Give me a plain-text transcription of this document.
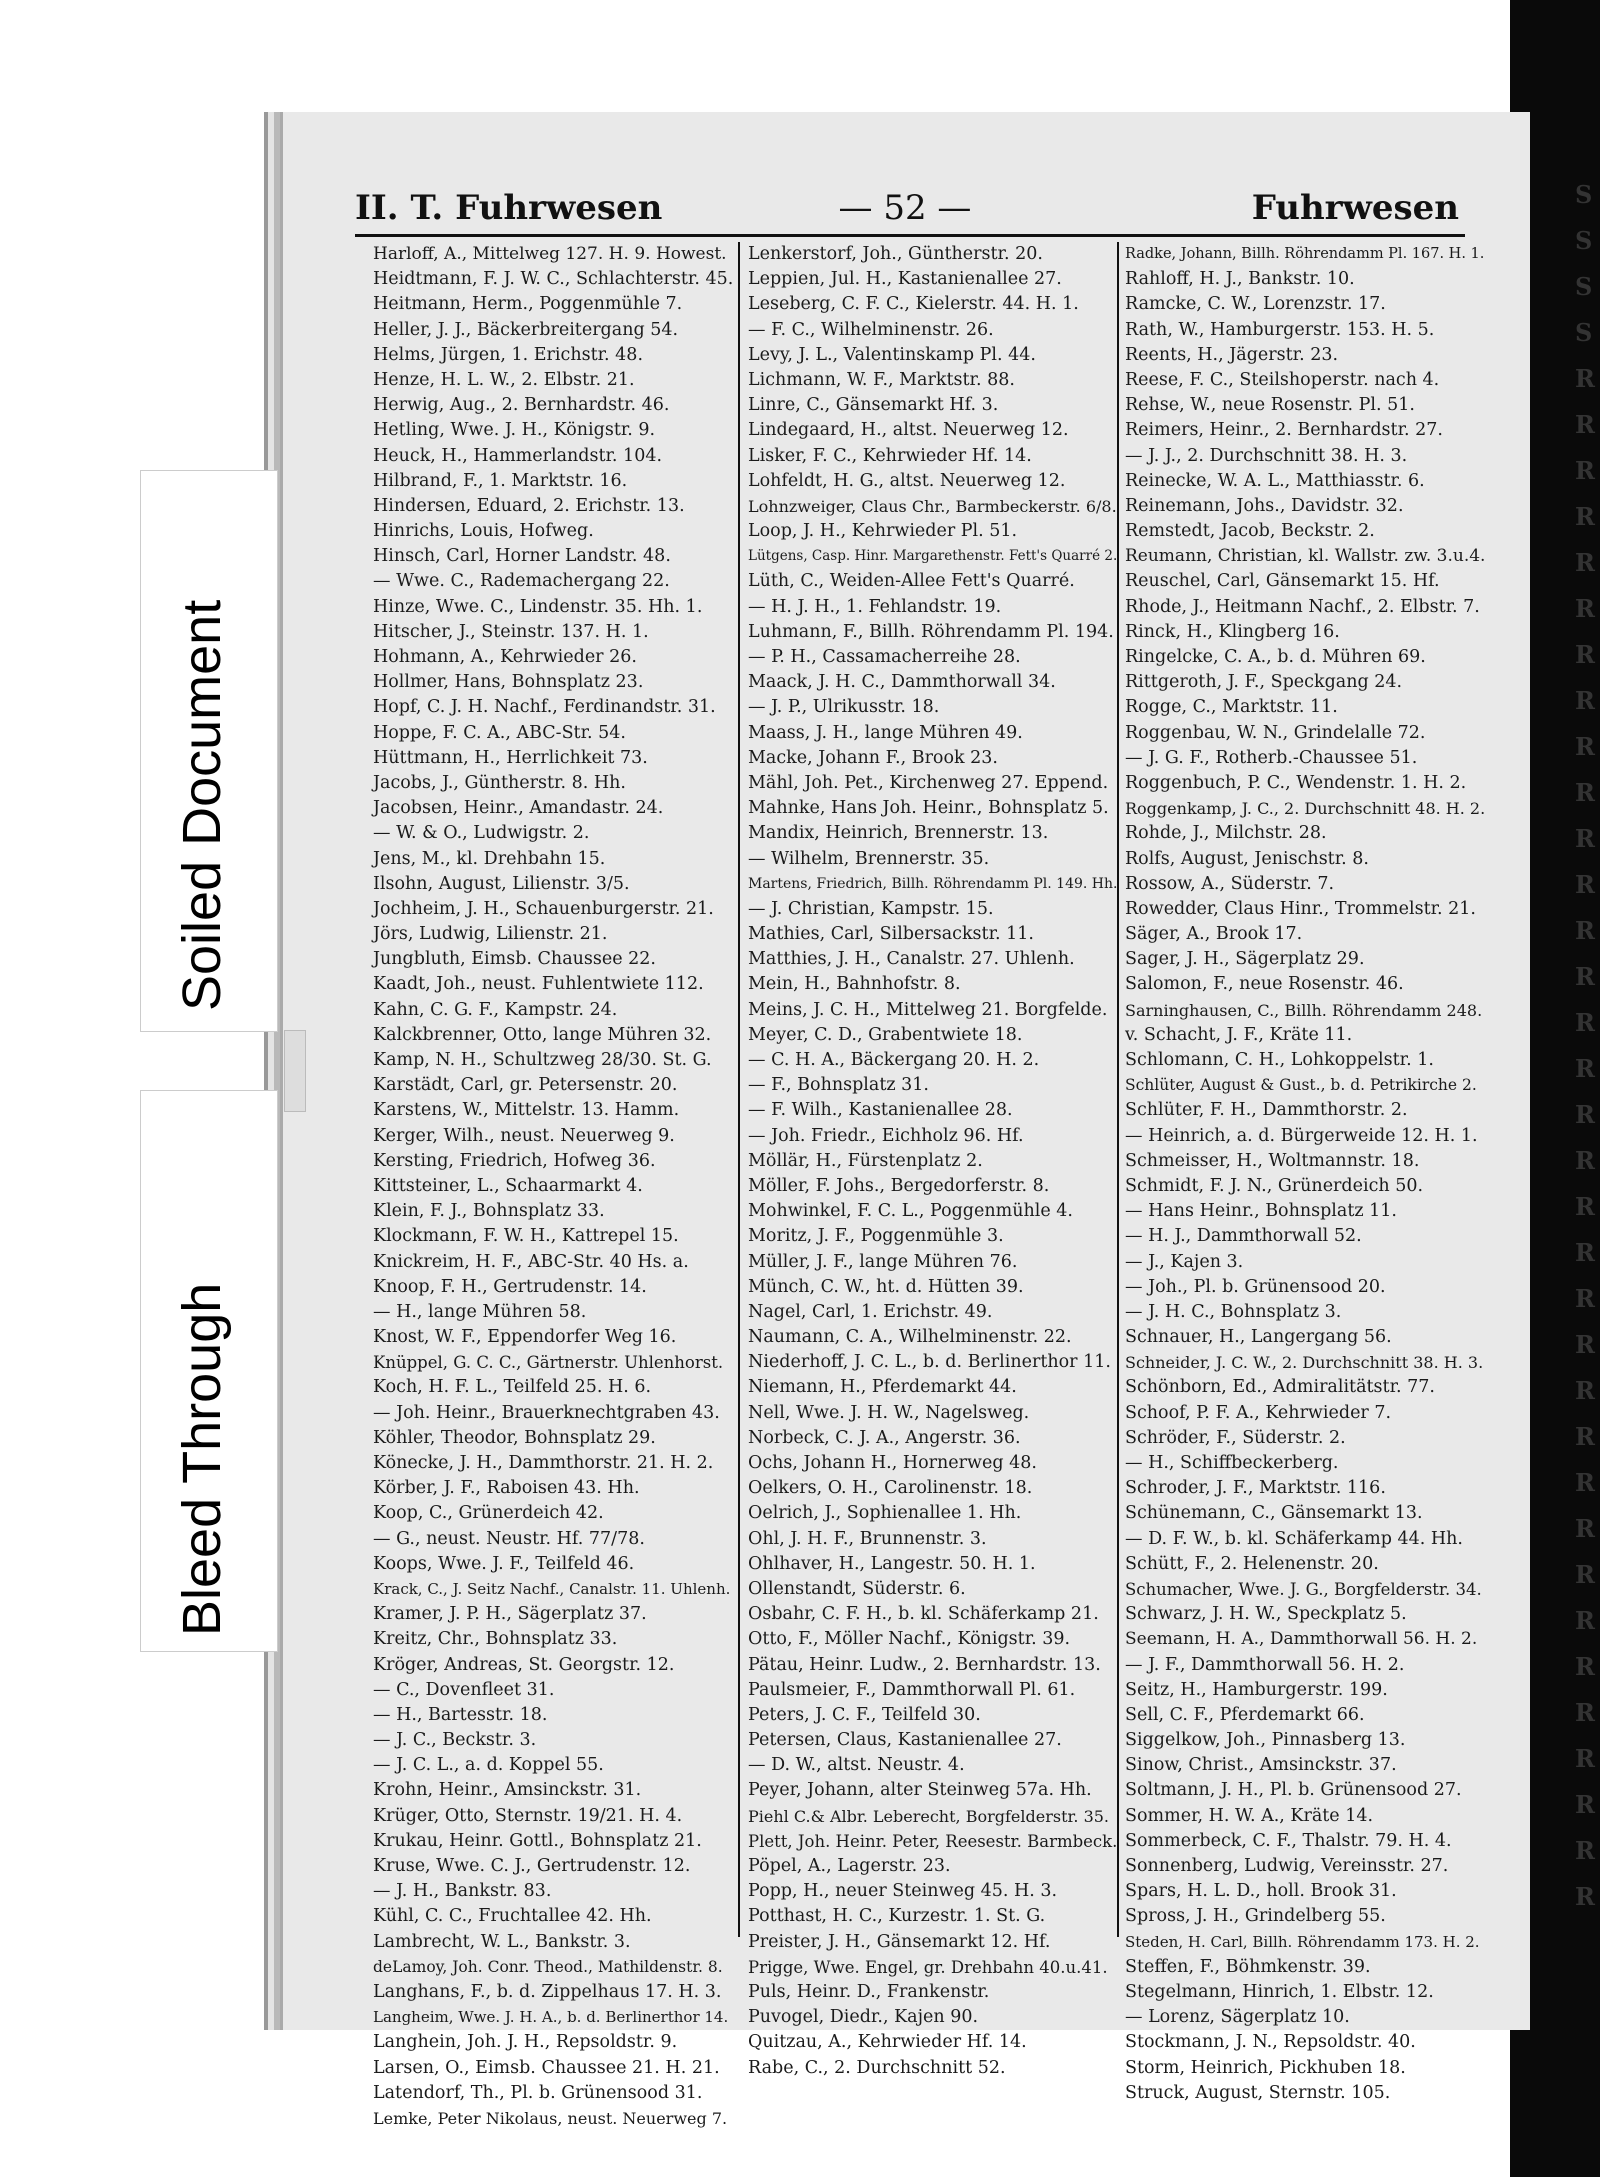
S
S
S
S
R
R
R
R
R
R
R
R
R
R
R
R
R
R
R
R
R
R
R
R
R
R
R
R
R
R
R
R
R
R
R
R
R
R
II. T. Fuhrwesen	— 52 —	Fuhrwesen
Harloff, A., Mittelweg 127. H. 9. Howest.
Heidtmann, F. J. W. C., Schlachterstr. 45.
Heitmann, Herm., Poggenmühle 7.
Heller, J. J., Bäckerbreitergang 54.
Helms, Jürgen, 1. Erichstr. 48.
Henze, H. L. W., 2. Elbstr. 21.
Herwig, Aug., 2. Bernhardstr. 46.
Hetling, Wwe. J. H., Königstr. 9.
Heuck, H., Hammerlandstr. 104.
Hilbrand, F., 1. Marktstr. 16.
Hindersen, Eduard, 2. Erichstr. 13.
Hinrichs, Louis, Hofweg.
Hinsch, Carl, Horner Landstr. 48.
— Wwe. C., Rademachergang 22.
Hinze, Wwe. C., Lindenstr. 35. Hh. 1.
Hitscher, J., Steinstr. 137. H. 1.
Hohmann, A., Kehrwieder 26.
Hollmer, Hans, Bohnsplatz 23.
Hopf, C. J. H. Nachf., Ferdinandstr. 31.
Hoppe, F. C. A., ABC-Str. 54.
Hüttmann, H., Herrlichkeit 73.
Jacobs, J., Güntherstr. 8. Hh.
Jacobsen, Heinr., Amandastr. 24.
— W. & O., Ludwigstr. 2.
Jens, M., kl. Drehbahn 15.
Ilsohn, August, Lilienstr. 3/5.
Jochheim, J. H., Schauenburgerstr. 21.
Jörs, Ludwig, Lilienstr. 21.
Jungbluth, Eimsb. Chaussee 22.
Kaadt, Joh., neust. Fuhlentwiete 112.
Kahn, C. G. F., Kampstr. 24.
Kalckbrenner, Otto, lange Mühren 32.
Kamp, N. H., Schultzweg 28/30. St. G.
Karstädt, Carl, gr. Petersenstr. 20.
Karstens, W., Mittelstr. 13. Hamm.
Kerger, Wilh., neust. Neuerweg 9.
Kersting, Friedrich, Hofweg 36.
Kittsteiner, L., Schaarmarkt 4.
Klein, F. J., Bohnsplatz 33.
Klockmann, F. W. H., Kattrepel 15.
Knickreim, H. F., ABC-Str. 40 Hs. a.
Knoop, F. H., Gertrudenstr. 14.
— H., lange Mühren 58.
Knost, W. F., Eppendorfer Weg 16.
Knüppel, G. C. C., Gärtnerstr. Uhlenhorst.
Koch, H. F. L., Teilfeld 25. H. 6.
— Joh. Heinr., Brauerknechtgraben 43.
Köhler, Theodor, Bohnsplatz 29.
Könecke, J. H., Dammthorstr. 21. H. 2.
Körber, J. F., Raboisen 43. Hh.
Koop, C., Grünerdeich 42.
— G., neust. Neustr. Hf. 77/78.
Koops, Wwe. J. F., Teilfeld 46.
Krack, C., J. Seitz Nachf., Canalstr. 11. Uhlenh.
Kramer, J. P. H., Sägerplatz 37.
Kreitz, Chr., Bohnsplatz 33.
Kröger, Andreas, St. Georgstr. 12.
— C., Dovenfleet 31.
— H., Bartesstr. 18.
— J. C., Beckstr. 3.
— J. C. L., a. d. Koppel 55.
Krohn, Heinr., Amsinckstr. 31.
Krüger, Otto, Sternstr. 19/21. H. 4.
Krukau, Heinr. Gottl., Bohnsplatz 21.
Kruse, Wwe. C. J., Gertrudenstr. 12.
— J. H., Bankstr. 83.
Kühl, C. C., Fruchtallee 42. Hh.
Lambrecht, W. L., Bankstr. 3.
deLamoy, Joh. Conr. Theod., Mathildenstr. 8.
Langhans, F., b. d. Zippelhaus 17. H. 3.
Langheim, Wwe. J. H. A., b. d. Berlinerthor 14.
Langhein, Joh. J. H., Repsoldstr. 9.
Larsen, O., Eimsb. Chaussee 21. H. 21.
Latendorf, Th., Pl. b. Grünensood 31.
Lemke, Peter Nikolaus, neust. Neuerweg 7.
Lenkerstorf, Joh., Güntherstr. 20.
Leppien, Jul. H., Kastanienallee 27.
Leseberg, C. F. C., Kielerstr. 44. H. 1.
— F. C., Wilhelminenstr. 26.
Levy, J. L., Valentinskamp Pl. 44.
Lichmann, W. F., Marktstr. 88.
Linre, C., Gänsemarkt Hf. 3.
Lindegaard, H., altst. Neuerweg 12.
Lisker, F. C., Kehrwieder Hf. 14.
Lohfeldt, H. G., altst. Neuerweg 12.
Lohnzweiger, Claus Chr., Barmbeckerstr. 6/8.
Loop, J. H., Kehrwieder Pl. 51.
Lütgens, Casp. Hinr. Margarethenstr. Fett's Quarré 2.
Lüth, C., Weiden-Allee Fett's Quarré.
— H. J. H., 1. Fehlandstr. 19.
Luhmann, F., Billh. Röhrendamm Pl. 194.
— P. H., Cassamacherreihe 28.
Maack, J. H. C., Dammthorwall 34.
— J. P., Ulrikusstr. 18.
Maass, J. H., lange Mühren 49.
Macke, Johann F., Brook 23.
Mähl, Joh. Pet., Kirchenweg 27. Eppend.
Mahnke, Hans Joh. Heinr., Bohnsplatz 5.
Mandix, Heinrich, Brennerstr. 13.
— Wilhelm, Brennerstr. 35.
Martens, Friedrich, Billh. Röhrendamm Pl. 149. Hh.
— J. Christian, Kampstr. 15.
Mathies, Carl, Silbersackstr. 11.
Matthies, J. H., Canalstr. 27. Uhlenh.
Mein, H., Bahnhofstr. 8.
Meins, J. C. H., Mittelweg 21. Borgfelde.
Meyer, C. D., Grabentwiete 18.
— C. H. A., Bäckergang 20. H. 2.
— F., Bohnsplatz 31.
— F. Wilh., Kastanienallee 28.
— Joh. Friedr., Eichholz 96. Hf.
Möllär, H., Fürstenplatz 2.
Möller, F. Johs., Bergedorferstr. 8.
Mohwinkel, F. C. L., Poggenmühle 4.
Moritz, J. F., Poggenmühle 3.
Müller, J. F., lange Mühren 76.
Münch, C. W., ht. d. Hütten 39.
Nagel, Carl, 1. Erichstr. 49.
Naumann, C. A., Wilhelminenstr. 22.
Niederhoff, J. C. L., b. d. Berlinerthor 11.
Niemann, H., Pferdemarkt 44.
Nell, Wwe. J. H. W., Nagelsweg.
Norbeck, C. J. A., Angerstr. 36.
Ochs, Johann H., Hornerweg 48.
Oelkers, O. H., Carolinenstr. 18.
Oelrich, J., Sophienallee 1. Hh.
Ohl, J. H. F., Brunnenstr. 3.
Ohlhaver, H., Langestr. 50. H. 1.
Ollenstandt, Süderstr. 6.
Osbahr, C. F. H., b. kl. Schäferkamp 21.
Otto, F., Möller Nachf., Königstr. 39.
Pätau, Heinr. Ludw., 2. Bernhardstr. 13.
Paulsmeier, F., Dammthorwall Pl. 61.
Peters, J. C. F., Teilfeld 30.
Petersen, Claus, Kastanienallee 27.
— D. W., altst. Neustr. 4.
Peyer, Johann, alter Steinweg 57a. Hh.
Piehl C.& Albr. Leberecht, Borgfelderstr. 35.
Plett, Joh. Heinr. Peter, Reesestr. Barmbeck.
Pöpel, A., Lagerstr. 23.
Popp, H., neuer Steinweg 45. H. 3.
Potthast, H. C., Kurzestr. 1. St. G.
Preister, J. H., Gänsemarkt 12. Hf.
Prigge, Wwe. Engel, gr. Drehbahn 40.u.41.
Puls, Heinr. D., Frankenstr.
Puvogel, Diedr., Kajen 90.
Quitzau, A., Kehrwieder Hf. 14.
Rabe, C., 2. Durchschnitt 52.
Radke, Johann, Billh. Röhrendamm Pl. 167. H. 1.
Rahloff, H. J., Bankstr. 10.
Ramcke, C. W., Lorenzstr. 17.
Rath, W., Hamburgerstr. 153. H. 5.
Reents, H., Jägerstr. 23.
Reese, F. C., Steilshoperstr. nach 4.
Rehse, W., neue Rosenstr. Pl. 51.
Reimers, Heinr., 2. Bernhardstr. 27.
— J. J., 2. Durchschnitt 38. H. 3.
Reinecke, W. A. L., Matthiasstr. 6.
Reinemann, Johs., Davidstr. 32.
Remstedt, Jacob, Beckstr. 2.
Reumann, Christian, kl. Wallstr. zw. 3.u.4.
Reuschel, Carl, Gänsemarkt 15. Hf.
Rhode, J., Heitmann Nachf., 2. Elbstr. 7.
Rinck, H., Klingberg 16.
Ringelcke, C. A., b. d. Mühren 69.
Rittgeroth, J. F., Speckgang 24.
Rogge, C., Marktstr. 11.
Roggenbau, W. N., Grindelalle 72.
— J. G. F., Rotherb.-Chaussee 51.
Roggenbuch, P. C., Wendenstr. 1. H. 2.
Roggenkamp, J. C., 2. Durchschnitt 48. H. 2.
Rohde, J., Milchstr. 28.
Rolfs, August, Jenischstr. 8.
Rossow, A., Süderstr. 7.
Rowedder, Claus Hinr., Trommelstr. 21.
Säger, A., Brook 17.
Sager, J. H., Sägerplatz 29.
Salomon, F., neue Rosenstr. 46.
Sarninghausen, C., Billh. Röhrendamm 248.
v. Schacht, J. F., Kräte 11.
Schlomann, C. H., Lohkoppelstr. 1.
Schlüter, August & Gust., b. d. Petrikirche 2.
Schlüter, F. H., Dammthorstr. 2.
— Heinrich, a. d. Bürgerweide 12. H. 1.
Schmeisser, H., Woltmannstr. 18.
Schmidt, F. J. N., Grünerdeich 50.
— Hans Heinr., Bohnsplatz 11.
— H. J., Dammthorwall 52.
— J., Kajen 3.
— Joh., Pl. b. Grünensood 20.
— J. H. C., Bohnsplatz 3.
Schnauer, H., Langergang 56.
Schneider, J. C. W., 2. Durchschnitt 38. H. 3.
Schönborn, Ed., Admiralitätstr. 77.
Schoof, P. F. A., Kehrwieder 7.
Schröder, F., Süderstr. 2.
— H., Schiffbeckerberg.
Schroder, J. F., Marktstr. 116.
Schünemann, C., Gänsemarkt 13.
— D. F. W., b. kl. Schäferkamp 44. Hh.
Schütt, F., 2. Helenenstr. 20.
Schumacher, Wwe. J. G., Borgfelderstr. 34.
Schwarz, J. H. W., Speckplatz 5.
Seemann, H. A., Dammthorwall 56. H. 2.
— J. F., Dammthorwall 56. H. 2.
Seitz, H., Hamburgerstr. 199.
Sell, C. F., Pferdemarkt 66.
Siggelkow, Joh., Pinnasberg 13.
Sinow, Christ., Amsinckstr. 37.
Soltmann, J. H., Pl. b. Grünensood 27.
Sommer, H. W. A., Kräte 14.
Sommerbeck, C. F., Thalstr. 79. H. 4.
Sonnenberg, Ludwig, Vereinsstr. 27.
Spars, H. L. D., holl. Brook 31.
Spross, J. H., Grindelberg 55.
Steden, H. Carl, Billh. Röhrendamm 173. H. 2.
Steffen, F., Böhmkenstr. 39.
Stegelmann, Hinrich, 1. Elbstr. 12.
— Lorenz, Sägerplatz 10.
Stockmann, J. N., Repsoldstr. 40.
Storm, Heinrich, Pickhuben 18.
Struck, August, Sternstr. 105.
Soiled Document
Bleed Through
